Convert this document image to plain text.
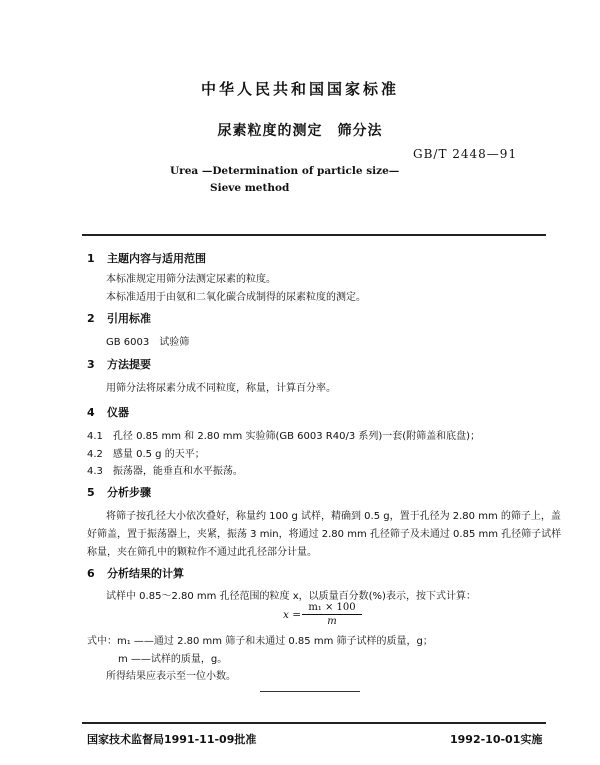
中华人民共和国国家标准
尿素粒度的测定　筛分法
GB/T 2448—91
Urea —Determination of particle size—
Sieve method
1 主题内容与适用范围
本标准规定用筛分法测定尿素的粒度。
本标准适用于由氨和二氧化碳合成制得的尿素粒度的测定。
2 引用标准
GB 6003　试验筛
3 方法提要
用筛分法将尿素分成不同粒度，称量，计算百分率。
4 仪器
4.1　孔径 0.85 mm 和 2.80 mm 实验筛(GB 6003 R40/3 系列)一套(附筛盖和底盘)；
4.2　感量 0.5 g 的天平；
4.3　振荡器，能垂直和水平振荡。
5 分析步骤
将筛子按孔径大小依次叠好，称量约 100 g 试样，精确到 0.5 g，置于孔径为 2.80 mm 的筛子上，盖
好筛盖，置于振荡器上，夹紧，振荡 3 min，将通过 2.80 mm 孔径筛子及未通过 0.85 mm 孔径筛子试样
称量，夹在筛孔中的颗粒作不通过此孔径部分计量。
6 分析结果的计算
试样中 0.85～2.80 mm 孔径范围的粒度 x，以质量百分数(%)表示，按下式计算：
$x = \frac{\text{m₁ × 100}}{m}$
式中：m₁ ——通过 2.80 mm 筛子和未通过 0.85 mm 筛子试样的质量，g；
m ——试样的质量，g。
所得结果应表示至一位小数。
国家技术监督局1991-11-09批准	1992-10-01实施
